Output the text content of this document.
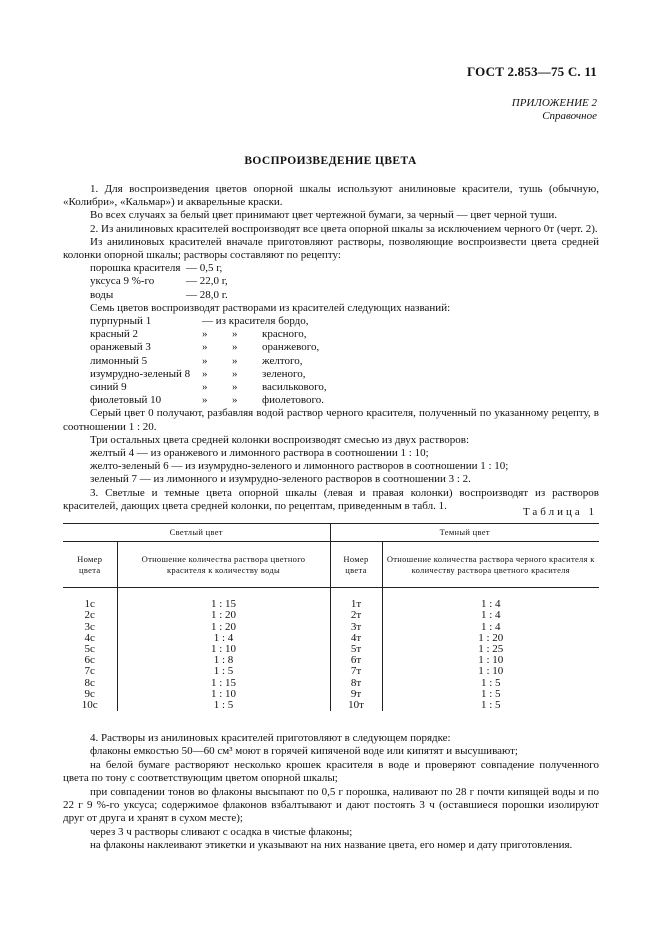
ГОСТ 2.853—75 С. 11
ПРИЛОЖЕНИЕ 2
Справочное
ВОСПРОИЗВЕДЕНИЕ ЦВЕТА

1. Для воспроизведения цветов опорной шкалы используют анилиновые красители, тушь (обычную, «Колибри», «Кальмар») и акварельные краски.

Во всех случаях за белый цвет принимают цвет чертежной бумаги, за черный — цвет черной туши.

2. Из анилиновых красителей воспроизводят все цвета опорной шкалы за исключением черного 0т (черт. 2).

Из анилиновых красителей вначале приготовляют растворы, позволяющие воспроизвести цвета средней колонки опорной шкалы; растворы составляют по рецепту:

порошка красителя — 0,5 г,

уксуса 9 %-го	— 22,0 г,

воды	— 28,0 г.

Семь цветов воспроизводят растворами из красителей следующих названий:

пурпурный 1	— из красителя бордо,

красный 2	» » красного,

оранжевый 3	» » оранжевого,

лимонный 5	» » желтого,

изумрудно-зеленый 8 » » зеленого,

синий 9	» » василькового,

фиолетовый 10	» » фиолетового.

Серый цвет 0 получают, разбавляя водой раствор черного красителя, полученный по указанному рецепту, в соотношении 1 : 20.

Три остальных цвета средней колонки воспроизводят смесью из двух растворов:

желтый 4 — из оранжевого и лимонного раствора в соотношении 1 : 10;

желто-зеленый 6 — из изумрудно-зеленого и лимонного растворов в соотношении 1 : 10;

зеленый 7 — из лимонного и изумрудно-зеленого растворов в соотношении 3 : 2.

3. Светлые и темные цвета опорной шкалы (левая и правая колонки) воспроизводят из растворов красителей, дающих цвета средней колонки, по рецептам, приведенным в табл. 1.

Таблица 1
Светлый цвет		Темный цвет	
Номер цвета	Отношение количества раствора цветного красителя к количеству воды	Номер цвета	Отношение количества раствора черного красителя к количеству раствора цветного красителя

1с	1 : 15	1т	1 : 4
2с	1 : 20	2т	1 : 4
3с	1 : 20	3т	1 : 4
4с	1 : 4	4т	1 : 20
5с	1 : 10	5т	1 : 25
6с	1 : 8	6т	1 : 10
7с	1 : 5	7т	1 : 10
8с	1 : 15	8т	1 : 5
9с	1 : 10	9т	1 : 5
10с	1 : 5	10т	1 : 5

4. Растворы из анилиновых красителей приготовляют в следующем порядке:

флаконы емкостью 50—60 см³ моют в горячей кипяченой воде или кипятят и высушивают;

на белой бумаге растворяют несколько крошек красителя в воде и проверяют совпадение полученного цвета по тону с соответствующим цветом опорной шкалы;

при совпадении тонов во флаконы высыпают по 0,5 г порошка, наливают по 28 г почти кипящей воды и по 22 г 9 %-го уксуса; содержимое флаконов взбалтывают и дают постоять 3 ч (оставшиеся порошки изолируют друг от друга и хранят в сухом месте);

через 3 ч растворы сливают с осадка в чистые флаконы;

на флаконы наклеивают этикетки и указывают на них название цвета, его номер и дату приготовления.
